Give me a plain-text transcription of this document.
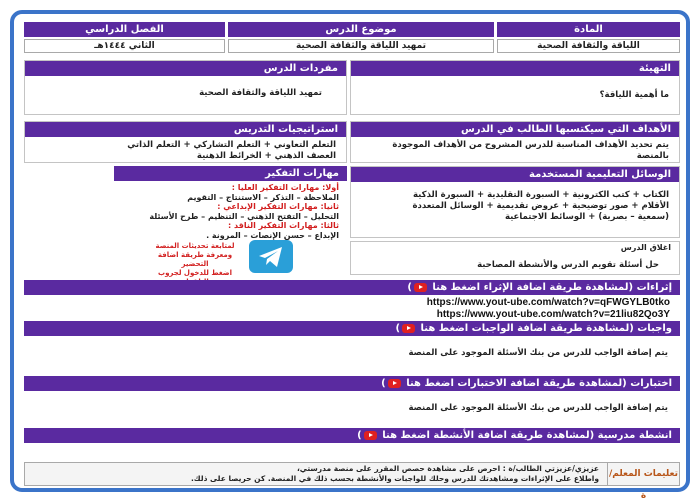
المادة
موضوع الدرس
الفصل الدراسي
اللياقة والثقافة الصحية
تمهيد اللياقة والثقافة الصحية
الثاني ١٤٤٤هـ
التهيئة
ما أهمية اللياقة؟
مفردات الدرس
تمهيد اللياقة والثقافة الصحية
الأهداف التي سيكتسبها الطالب في الدرس
يتم تحديد الأهداف المناسبة للدرس المشروح من الأهداف الموجودة بالمنصة
استراتيجيات التدريس
التعلم التعاوني + التعلم التشاركي + التعلم الذاتي
العصف الذهني + الخرائط الذهنية
الوسائل التعليمية المستخدمة
الكتاب + كتب الكترونية + السبورة التقليدية + السبورة الذكية
الأقلام + صور توضيحية + عروض تقديمية + الوسائل المتعددة
(سمعية – بصرية) + الوسائط الاجتماعية
مهارات التفكير
أولا: مهارات التفكير العليا :
الملاحظة – التذكر – الاستنتاج – التقويم
ثانيا: مهارات التفكير الإبداعي :
التحليل – التفتح الذهني – التنظيم – طرح الأسئلة
ثالثا: مهارات التفكير الناقد :
الإبداع – حسن الإنصات – المرونة .
لمتابعة تحديثات المنصة
ومعرفة طريقة اضافة التحضير
اضغط للدخول لجروب
اغلاق الدرس
حل أسئلة تقويم الدرس والأنشطة المصاحبة
إثراءات (لمشاهدة طريقة اضافة الإثراء اضغط هنا )
https://www.yout-ube.com/watch?v=qFWGYLB0tko
https://www.yout-ube.com/watch?v=21liu82Qo3Y
واجبات (لمشاهدة طريقة اضافة الواجبات اضغط هنا )
يتم إضافة الواجب للدرس من بنك الأسئلة الموجود على المنصة
اختبارات (لمشاهدة طريقة اضافة الاختبارات اضغط هنا )
يتم إضافة الواجب للدرس من بنك الأسئلة الموجود على المنصة
انشطة مدرسية (لمشاهدة طريقة اضافة الأنشطة اضغط هنا )
تعليمات المعلم/ة
عزيزي/عزيزتي الطالب/ة : احرص على مشاهدة حصص المقرر على منصة مدرستي،
واطلاع على الإثراءات ومشاهدتك للدرس وحلك للواجبات والأنشطة بحسب ذلك في المنصة. كن حريصا على ذلك.
